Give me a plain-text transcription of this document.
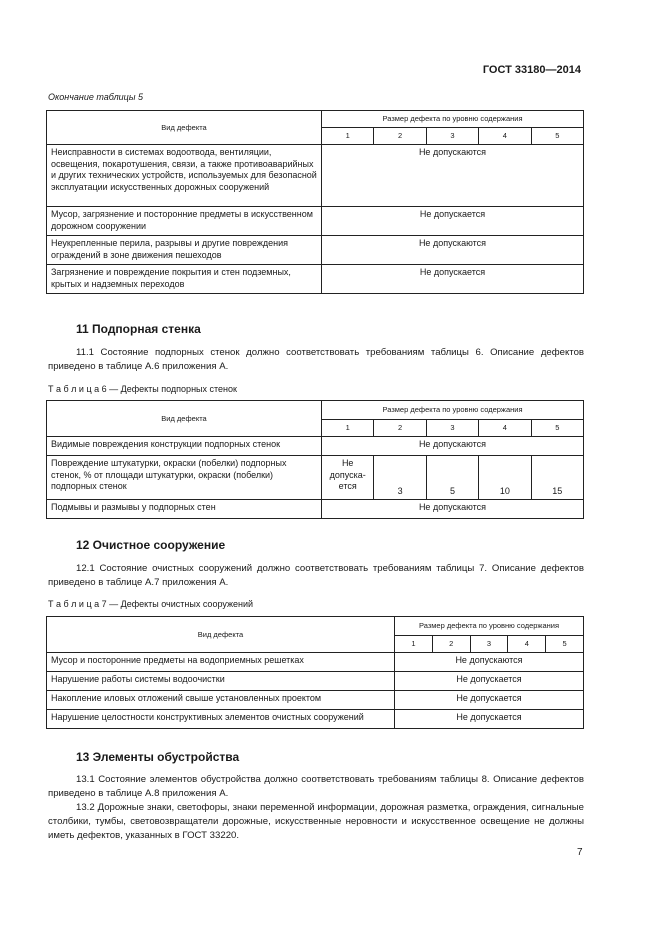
ГОСТ 33180—2014
Окончание таблицы 5
Вид дефекта	Размер дефекта по уровню содержания				
	1	2	3	4	5
Неисправности в системах водоотвода, вентиляции, освещения, покаротушения, связи, а также противоаварийных и других технических устройств, используемых для безопасной эксплуатации искусственных дорожных сооружений	Не допускаются				
Мусор, загрязнение и посторонние предметы в искусственном дорожном сооружении	Не допускается				
Неукрепленные перила, разрывы и другие повреждения ограждений в зоне движения пешеходов	Не допускаются				
Загрязнение и повреждение покрытия и стен подземных, крытых и надземных переходов	Не допускается				
11 Подпорная стенка
11.1 Состояние подпорных стенок должно соответствовать требованиям таблицы 6. Описание дефектов приведено в таблице А.6 приложения А.
Т а б л и ц а 6 — Дефекты подпорных стенок
Вид дефекта	Размер дефекта по уровню содержания				
	1	2	3	4	5
Видимые повреждения конструкции подпорных стенок	Не допускаются				
Повреждение штукатурки, окраски (побелки) подпорных стенок, % от площади штукатурки, окраски (побелки) подпорных стенок	Не допуска-ется	3	5	10	15
Подмывы и размывы у подпорных стен	Не допускаются				
12 Очистное сооружение
12.1 Состояние очистных сооружений должно соответствовать требованиям таблицы 7. Описание дефектов приведено в таблице А.7 приложения А.
Т а б л и ц а 7 — Дефекты очистных сооружений
Вид дефекта	Размер дефекта по уровню содержания				
	1	2	3	4	5
Мусор и посторонние предметы на водоприемных решетках	Не допускаются				
Нарушение работы системы водоочистки	Не допускается				
Накопление иловых отложений свыше установленных проектом	Не допускается				
Нарушение целостности конструктивных элементов очистных сооружений	Не допускается				
13 Элементы обустройства
13.1 Состояние элементов обустройства должно соответствовать требованиям таблицы 8. Описание дефектов приведено в таблице А.8 приложения А.
13.2 Дорожные знаки, светофоры, знаки переменной информации, дорожная разметка, ограждения, сигнальные столбики, тумбы, световозвращатели дорожные, искусственные неровности и искусственное освещение не должны иметь дефектов, указанных в ГОСТ 33220.
7
